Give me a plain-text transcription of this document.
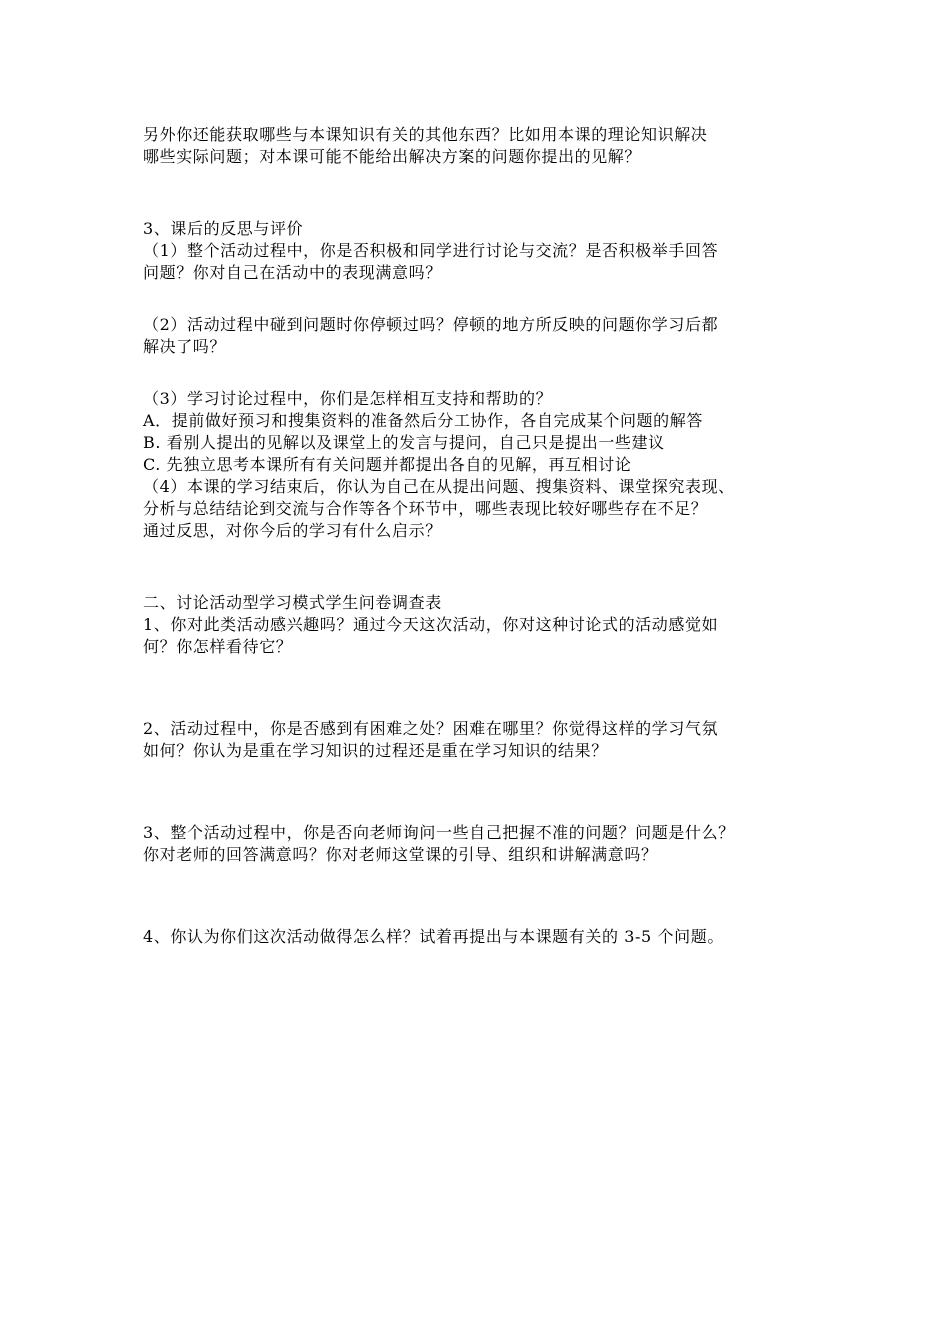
另外你还能获取哪些与本课知识有关的其他东西？比如用本课的理论知识解决
哪些实际问题；对本课可能不能给出解决方案的问题你提出的见解？
3、课后的反思与评价
（1）整个活动过程中，你是否积极和同学进行讨论与交流？是否积极举手回答
问题？你对自己在活动中的表现满意吗？
（2）活动过程中碰到问题时你停顿过吗？停顿的地方所反映的问题你学习后都
解决了吗？
（3）学习讨论过程中，你们是怎样相互支持和帮助的？
A．提前做好预习和搜集资料的准备然后分工协作，各自完成某个问题的解答
B. 看别人提出的见解以及课堂上的发言与提问，自己只是提出一些建议
C. 先独立思考本课所有有关问题并都提出各自的见解，再互相讨论
（4）本课的学习结束后，你认为自己在从提出问题、搜集资料、课堂探究表现、
分析与总结结论到交流与合作等各个环节中，哪些表现比较好哪些存在不足？
通过反思，对你今后的学习有什么启示？
二、讨论活动型学习模式学生问卷调查表
1、你对此类活动感兴趣吗？通过今天这次活动，你对这种讨论式的活动感觉如
何？你怎样看待它？
2、活动过程中，你是否感到有困难之处？困难在哪里？你觉得这样的学习气氛
如何？你认为是重在学习知识的过程还是重在学习知识的结果？
3、整个活动过程中，你是否向老师询问一些自己把握不准的问题？问题是什么？
你对老师的回答满意吗？你对老师这堂课的引导、组织和讲解满意吗？
4、你认为你们这次活动做得怎么样？试着再提出与本课题有关的 3-5 个问题。
